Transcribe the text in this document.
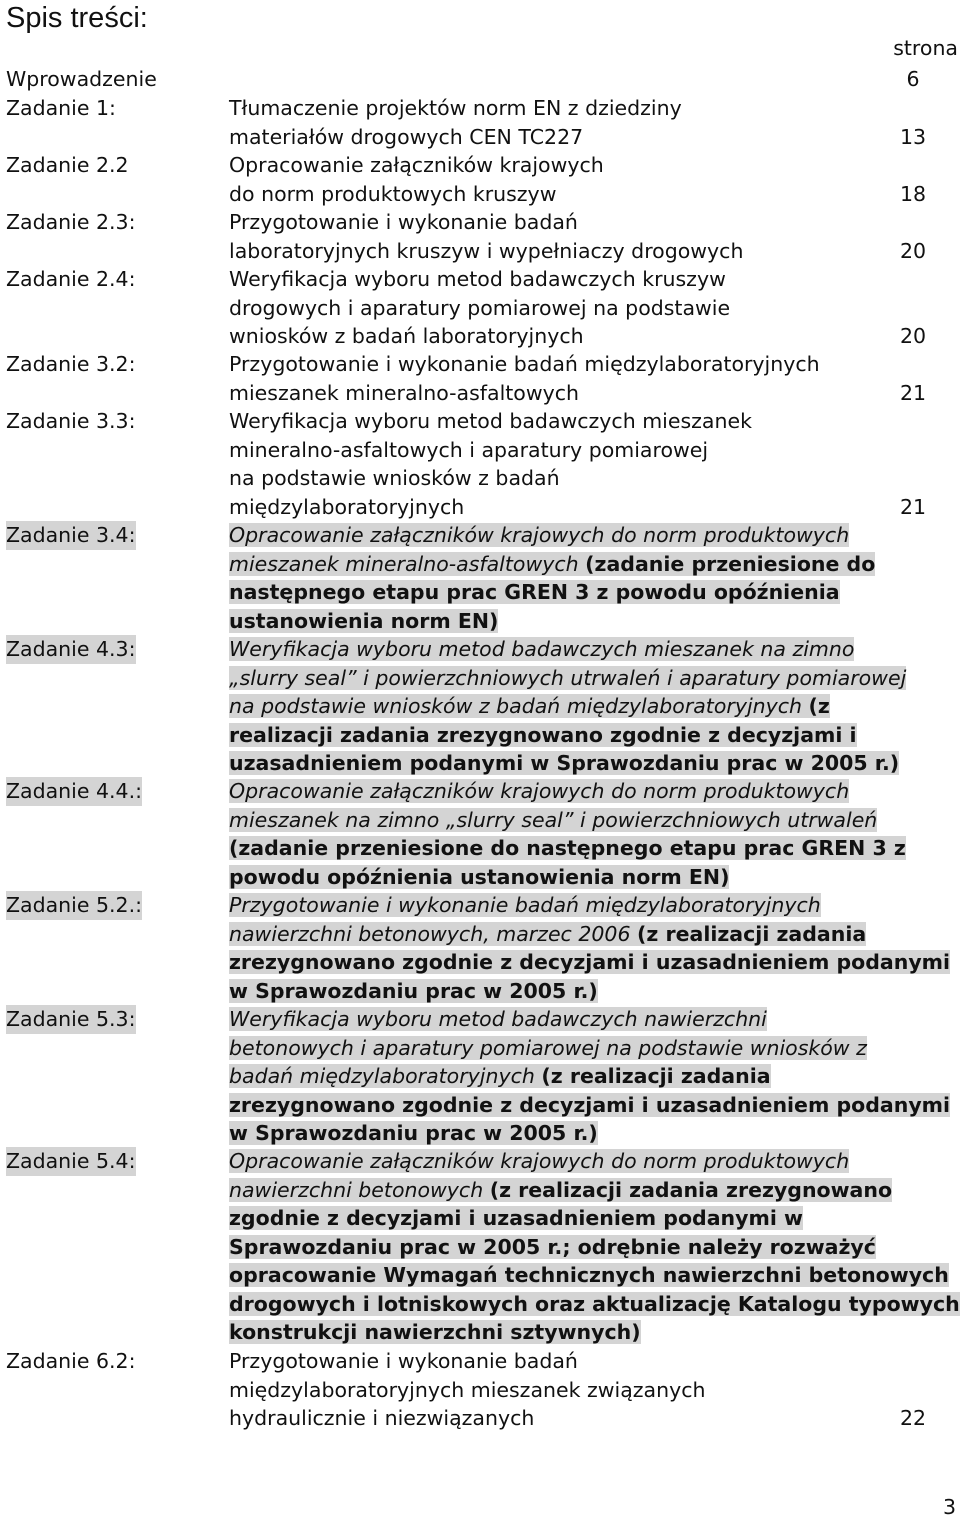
Spis treści:
strona
Wprowadzenie	6
Zadanie 1:	Tłumaczenie projektów norm EN z dziedziny
materiałów drogowych CEN TC227	13
Zadanie 2.2	Opracowanie załączników krajowych
do norm produktowych kruszyw	18
Zadanie 2.3:	Przygotowanie i wykonanie badań
laboratoryjnych kruszyw i wypełniaczy drogowych	20
Zadanie 2.4:	Weryfikacja wyboru metod badawczych kruszyw
drogowych i aparatury pomiarowej na podstawie
wniosków z badań laboratoryjnych	20
Zadanie 3.2:	Przygotowanie i wykonanie badań międzylaboratoryjnych
mieszanek mineralno-asfaltowych	21
Zadanie 3.3:	Weryfikacja wyboru metod badawczych mieszanek
mineralno-asfaltowych i aparatury pomiarowej
na podstawie wniosków z badań
międzylaboratoryjnych	21
Zadanie 3.4:	Opracowanie załączników krajowych do norm produktowych
mieszanek mineralno-asfaltowych (zadanie przeniesione do
następnego etapu prac GREN 3 z powodu opóźnienia
ustanowienia norm EN)
Zadanie 4.3:	Weryfikacja wyboru metod badawczych mieszanek na zimno
„slurry seal” i powierzchniowych utrwaleń i aparatury pomiarowej
na podstawie wniosków z badań międzylaboratoryjnych (z
realizacji zadania zrezygnowano zgodnie z decyzjami i
uzasadnieniem podanymi w Sprawozdaniu prac w 2005 r.)
Zadanie 4.4.:	Opracowanie załączników krajowych do norm produktowych
mieszanek na zimno „slurry seal” i powierzchniowych utrwaleń
(zadanie przeniesione do następnego etapu prac GREN 3 z
powodu opóźnienia ustanowienia norm EN)
Zadanie 5.2.:	Przygotowanie i wykonanie badań międzylaboratoryjnych
nawierzchni betonowych, marzec 2006 (z realizacji zadania
zrezygnowano zgodnie z decyzjami i uzasadnieniem podanymi
w Sprawozdaniu prac w 2005 r.)
Zadanie 5.3:	Weryfikacja wyboru metod badawczych nawierzchni
betonowych i aparatury pomiarowej na podstawie wniosków z
badań międzylaboratoryjnych (z realizacji zadania
zrezygnowano zgodnie z decyzjami i uzasadnieniem podanymi
w Sprawozdaniu prac w 2005 r.)
Zadanie 5.4:	Opracowanie załączników krajowych do norm produktowych
nawierzchni betonowych (z realizacji zadania zrezygnowano
zgodnie z decyzjami i uzasadnieniem podanymi w
Sprawozdaniu prac w 2005 r.; odrębnie należy rozważyć
opracowanie Wymagań technicznych nawierzchni betonowych
drogowych i lotniskowych oraz aktualizację Katalogu typowych
konstrukcji nawierzchni sztywnych)
Zadanie 6.2:	Przygotowanie i wykonanie badań
międzylaboratoryjnych mieszanek związanych
hydraulicznie i niezwiązanych	22
3
